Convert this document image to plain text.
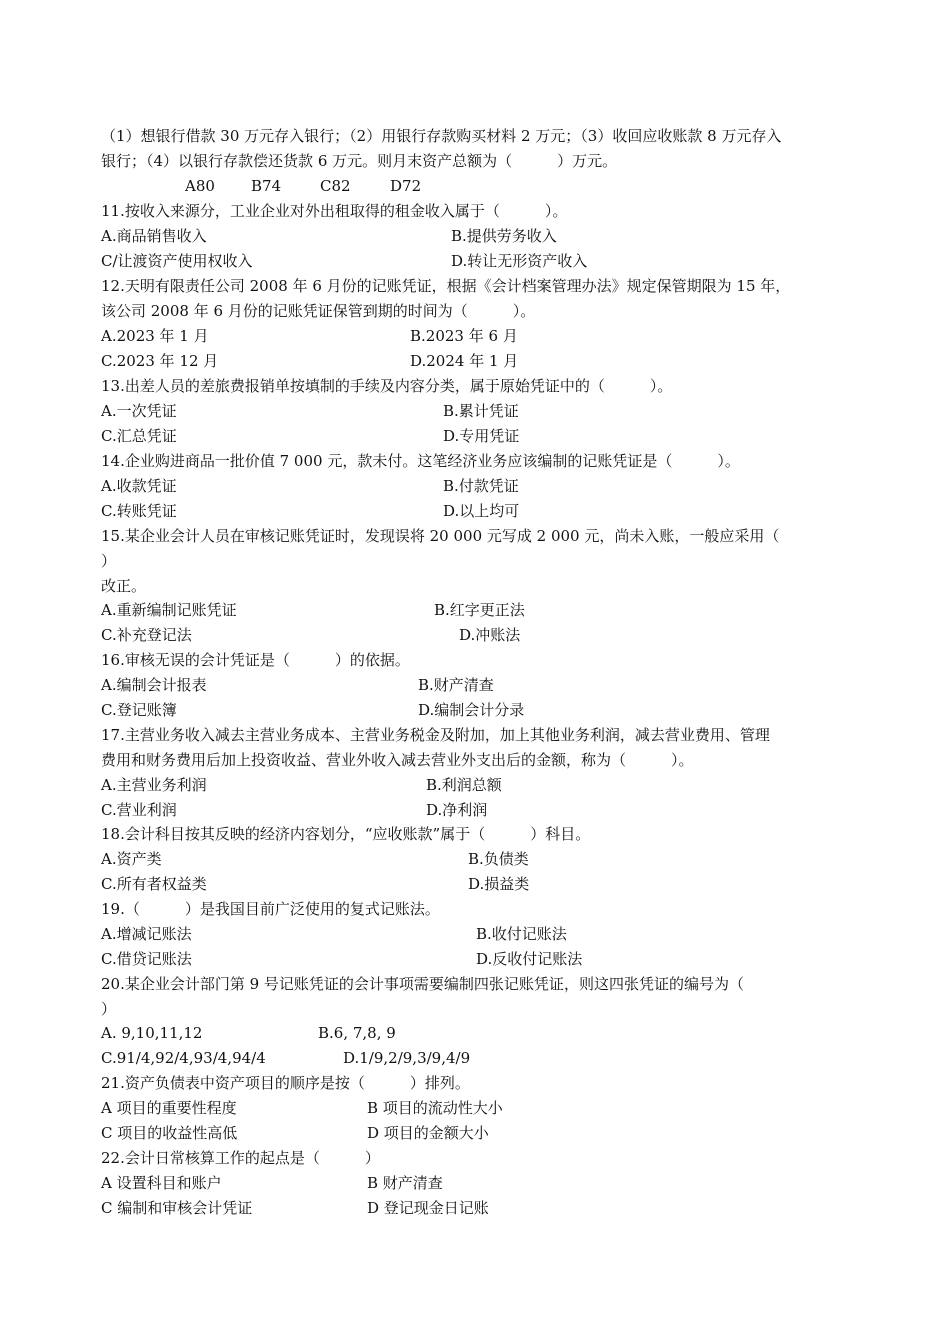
（1）想银行借款 30 万元存入银行；（2）用银行存款购买材料 2 万元；（3）收回应收账款 8 万元存入
银行；（4）以银行存款偿还货款 6 万元。则月末资产总额为（　　　）万元。
A80 B74	C82	D72
11.按收入来源分，工业企业对外出租取得的租金收入属于（　　　）。
A.商品销售收入	B.提供劳务收入
C/让渡资产使用权收入	D.转让无形资产收入
12.天明有限责任公司 2008 年 6 月份的记账凭证，根据《会计档案管理办法》规定保管期限为 15 年，
该公司 2008 年 6 月份的记账凭证保管到期的时间为（　　　）。
A.2023 年 1 月	B.2023 年 6 月
C.2023 年 12 月	D.2024 年 1 月
13.出差人员的差旅费报销单按填制的手续及内容分类，属于原始凭证中的（　　　）。
A.一次凭证	B.累计凭证
C.汇总凭证	D.专用凭证
14.企业购进商品一批价值 7 000 元，款未付。这笔经济业务应该编制的记账凭证是（　　　）。
A.收款凭证	B.付款凭证
C.转账凭证	D.以上均可
15.某企业会计人员在审核记账凭证时，发现误将 20 000 元写成 2 000 元，尚未入账，一般应采用（
）
改正。
A.重新编制记账凭证	B.红字更正法
C.补充登记法	D.冲账法
16.审核无误的会计凭证是（　　　）的依据。
A.编制会计报表	B.财产清查
C.登记账簿	D.编制会计分录
17.主营业务收入减去主营业务成本、主营业务税金及附加，加上其他业务利润，减去营业费用、管理
费用和财务费用后加上投资收益、营业外收入减去营业外支出后的金额，称为（　　　）。
A.主营业务利润	B.利润总额
C.营业利润	D.净利润
18.会计科目按其反映的经济内容划分，“应收账款”属于（　　　）科目。
A.资产类	B.负债类
C.所有者权益类	D.损益类
19.（　　　）是我国目前广泛使用的复式记账法。
A.增减记账法	B.收付记账法
C.借贷记账法	D.反收付记账法
20.某企业会计部门第 9 号记账凭证的会计事项需要编制四张记账凭证，则这四张凭证的编号为（
）
A. 9,10,11,12	B.6, 7,8, 9
C.91/4,92/4,93/4,94/4	D.1/9,2/9,3/9,4/9
21.资产负债表中资产项目的顺序是按（　　　）排列。
A 项目的重要性程度	B 项目的流动性大小
C 项目的收益性高低	D 项目的金额大小
22.会计日常核算工作的起点是（　　　）
A 设置科目和账户	B 财产清查
C 编制和审核会计凭证	D 登记现金日记账
